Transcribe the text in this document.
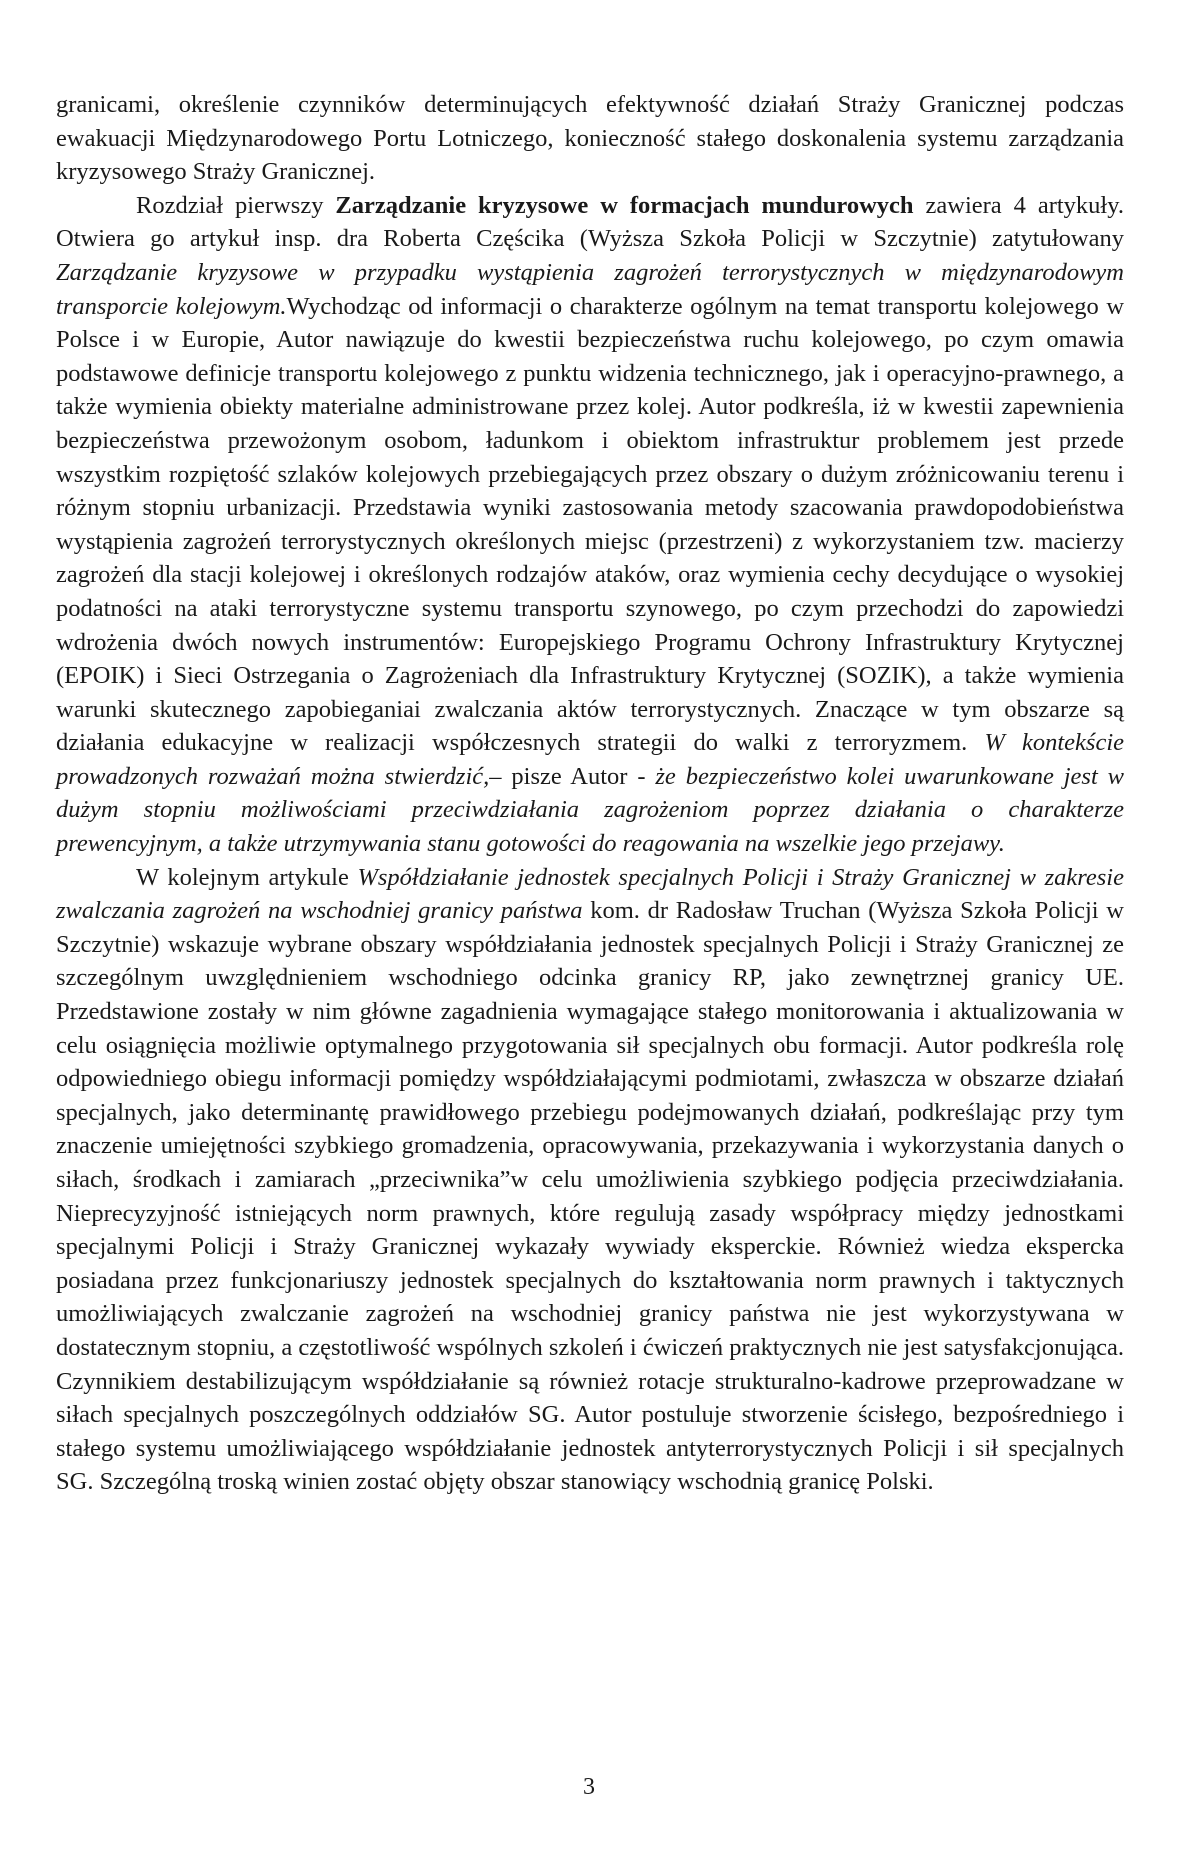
granicami, określenie czynników determinujących efektywność działań Straży Granicznej podczas ewakuacji Międzynarodowego Portu Lotniczego, konieczność stałego doskonalenia systemu zarządzania kryzysowego Straży Granicznej.

Rozdział pierwszy Zarządzanie kryzysowe w formacjach mundurowych zawiera 4 artykuły. Otwiera go artykuł insp. dra Roberta Częścika (Wyższa Szkoła Policji w Szczytnie) zatytułowany Zarządzanie kryzysowe w przypadku wystąpienia zagrożeń terrorystycznych w międzynarodowym transporcie kolejowym.Wychodząc od informacji o charakterze ogólnym na temat transportu kolejowego w Polsce i w Europie, Autor nawiązuje do kwestii bezpieczeństwa ruchu kolejowego, po czym omawia podstawowe definicje transportu kolejowego z punktu widzenia technicznego, jak i operacyjno-prawnego, a także wymienia obiekty materialne administrowane przez kolej. Autor podkreśla, iż w kwestii zapewnienia bezpieczeństwa przewożonym osobom, ładunkom i obiektom infrastruktur problemem jest przede wszystkim rozpiętość szlaków kolejowych przebiegających przez obszary o dużym zróżnicowaniu terenu i różnym stopniu urbanizacji. Przedstawia wyniki zastosowania metody szacowania prawdopodobieństwa wystąpienia zagrożeń terrorystycznych określonych miejsc (przestrzeni) z wykorzystaniem tzw. macierzy zagrożeń dla stacji kolejowej i określonych rodzajów ataków, oraz wymienia cechy decydujące o wysokiej podatności na ataki terrorystyczne systemu transportu szynowego, po czym przechodzi do zapowiedzi wdrożenia dwóch nowych instrumentów: Europejskiego Programu Ochrony Infrastruktury Krytycznej (EPOIK) i Sieci Ostrzegania o Zagrożeniach dla Infrastruktury Krytycznej (SOZIK), a także wymienia warunki skutecznego zapobieganiai zwalczania aktów terrorystycznych. Znaczące w tym obszarze są działania edukacyjne w realizacji współczesnych strategii do walki z terroryzmem. W kontekście prowadzonych rozważań można stwierdzić,– pisze Autor - że bezpieczeństwo kolei uwarunkowane jest w dużym stopniu możliwościami przeciwdziałania zagrożeniom poprzez działania o charakterze prewencyjnym, a także utrzymywania stanu gotowości do reagowania na wszelkie jego przejawy.

W kolejnym artykule Współdziałanie jednostek specjalnych Policji i Straży Granicznej w zakresie zwalczania zagrożeń na wschodniej granicy państwa kom. dr Radosław Truchan (Wyższa Szkoła Policji w Szczytnie) wskazuje wybrane obszary współdziałania jednostek specjalnych Policji i Straży Granicznej ze szczególnym uwzględnieniem wschodniego odcinka granicy RP, jako zewnętrznej granicy UE. Przedstawione zostały w nim główne zagadnienia wymagające stałego monitorowania i aktualizowania w celu osiągnięcia możliwie optymalnego przygotowania sił specjalnych obu formacji. Autor podkreśla rolę odpowiedniego obiegu informacji pomiędzy współdziałającymi podmiotami, zwłaszcza w obszarze działań specjalnych, jako determinantę prawidłowego przebiegu podejmowanych działań, podkreślając przy tym znaczenie umiejętności szybkiego gromadzenia, opracowywania, przekazywania i wykorzystania danych o siłach, środkach i zamiarach „przeciwnika”w celu umożliwienia szybkiego podjęcia przeciwdziałania. Nieprecyzyjność istniejących norm prawnych, które regulują zasady współpracy między jednostkami specjalnymi Policji i Straży Granicznej wykazały wywiady eksperckie. Również wiedza ekspercka posiadana przez funkcjonariuszy jednostek specjalnych do kształtowania norm prawnych i taktycznych umożliwiających zwalczanie zagrożeń na wschodniej granicy państwa nie jest wykorzystywana w dostatecznym stopniu, a częstotliwość wspólnych szkoleń i ćwiczeń praktycznych nie jest satysfakcjonująca. Czynnikiem destabilizującym współdziałanie są również rotacje strukturalno-kadrowe przeprowadzane w siłach specjalnych poszczególnych oddziałów SG. Autor postuluje stworzenie ścisłego, bezpośredniego i stałego systemu umożliwiającego współdziałanie jednostek antyterrorystycznych Policji i sił specjalnych SG. Szczególną troską winien zostać objęty obszar stanowiący wschodnią granicę Polski.

3
